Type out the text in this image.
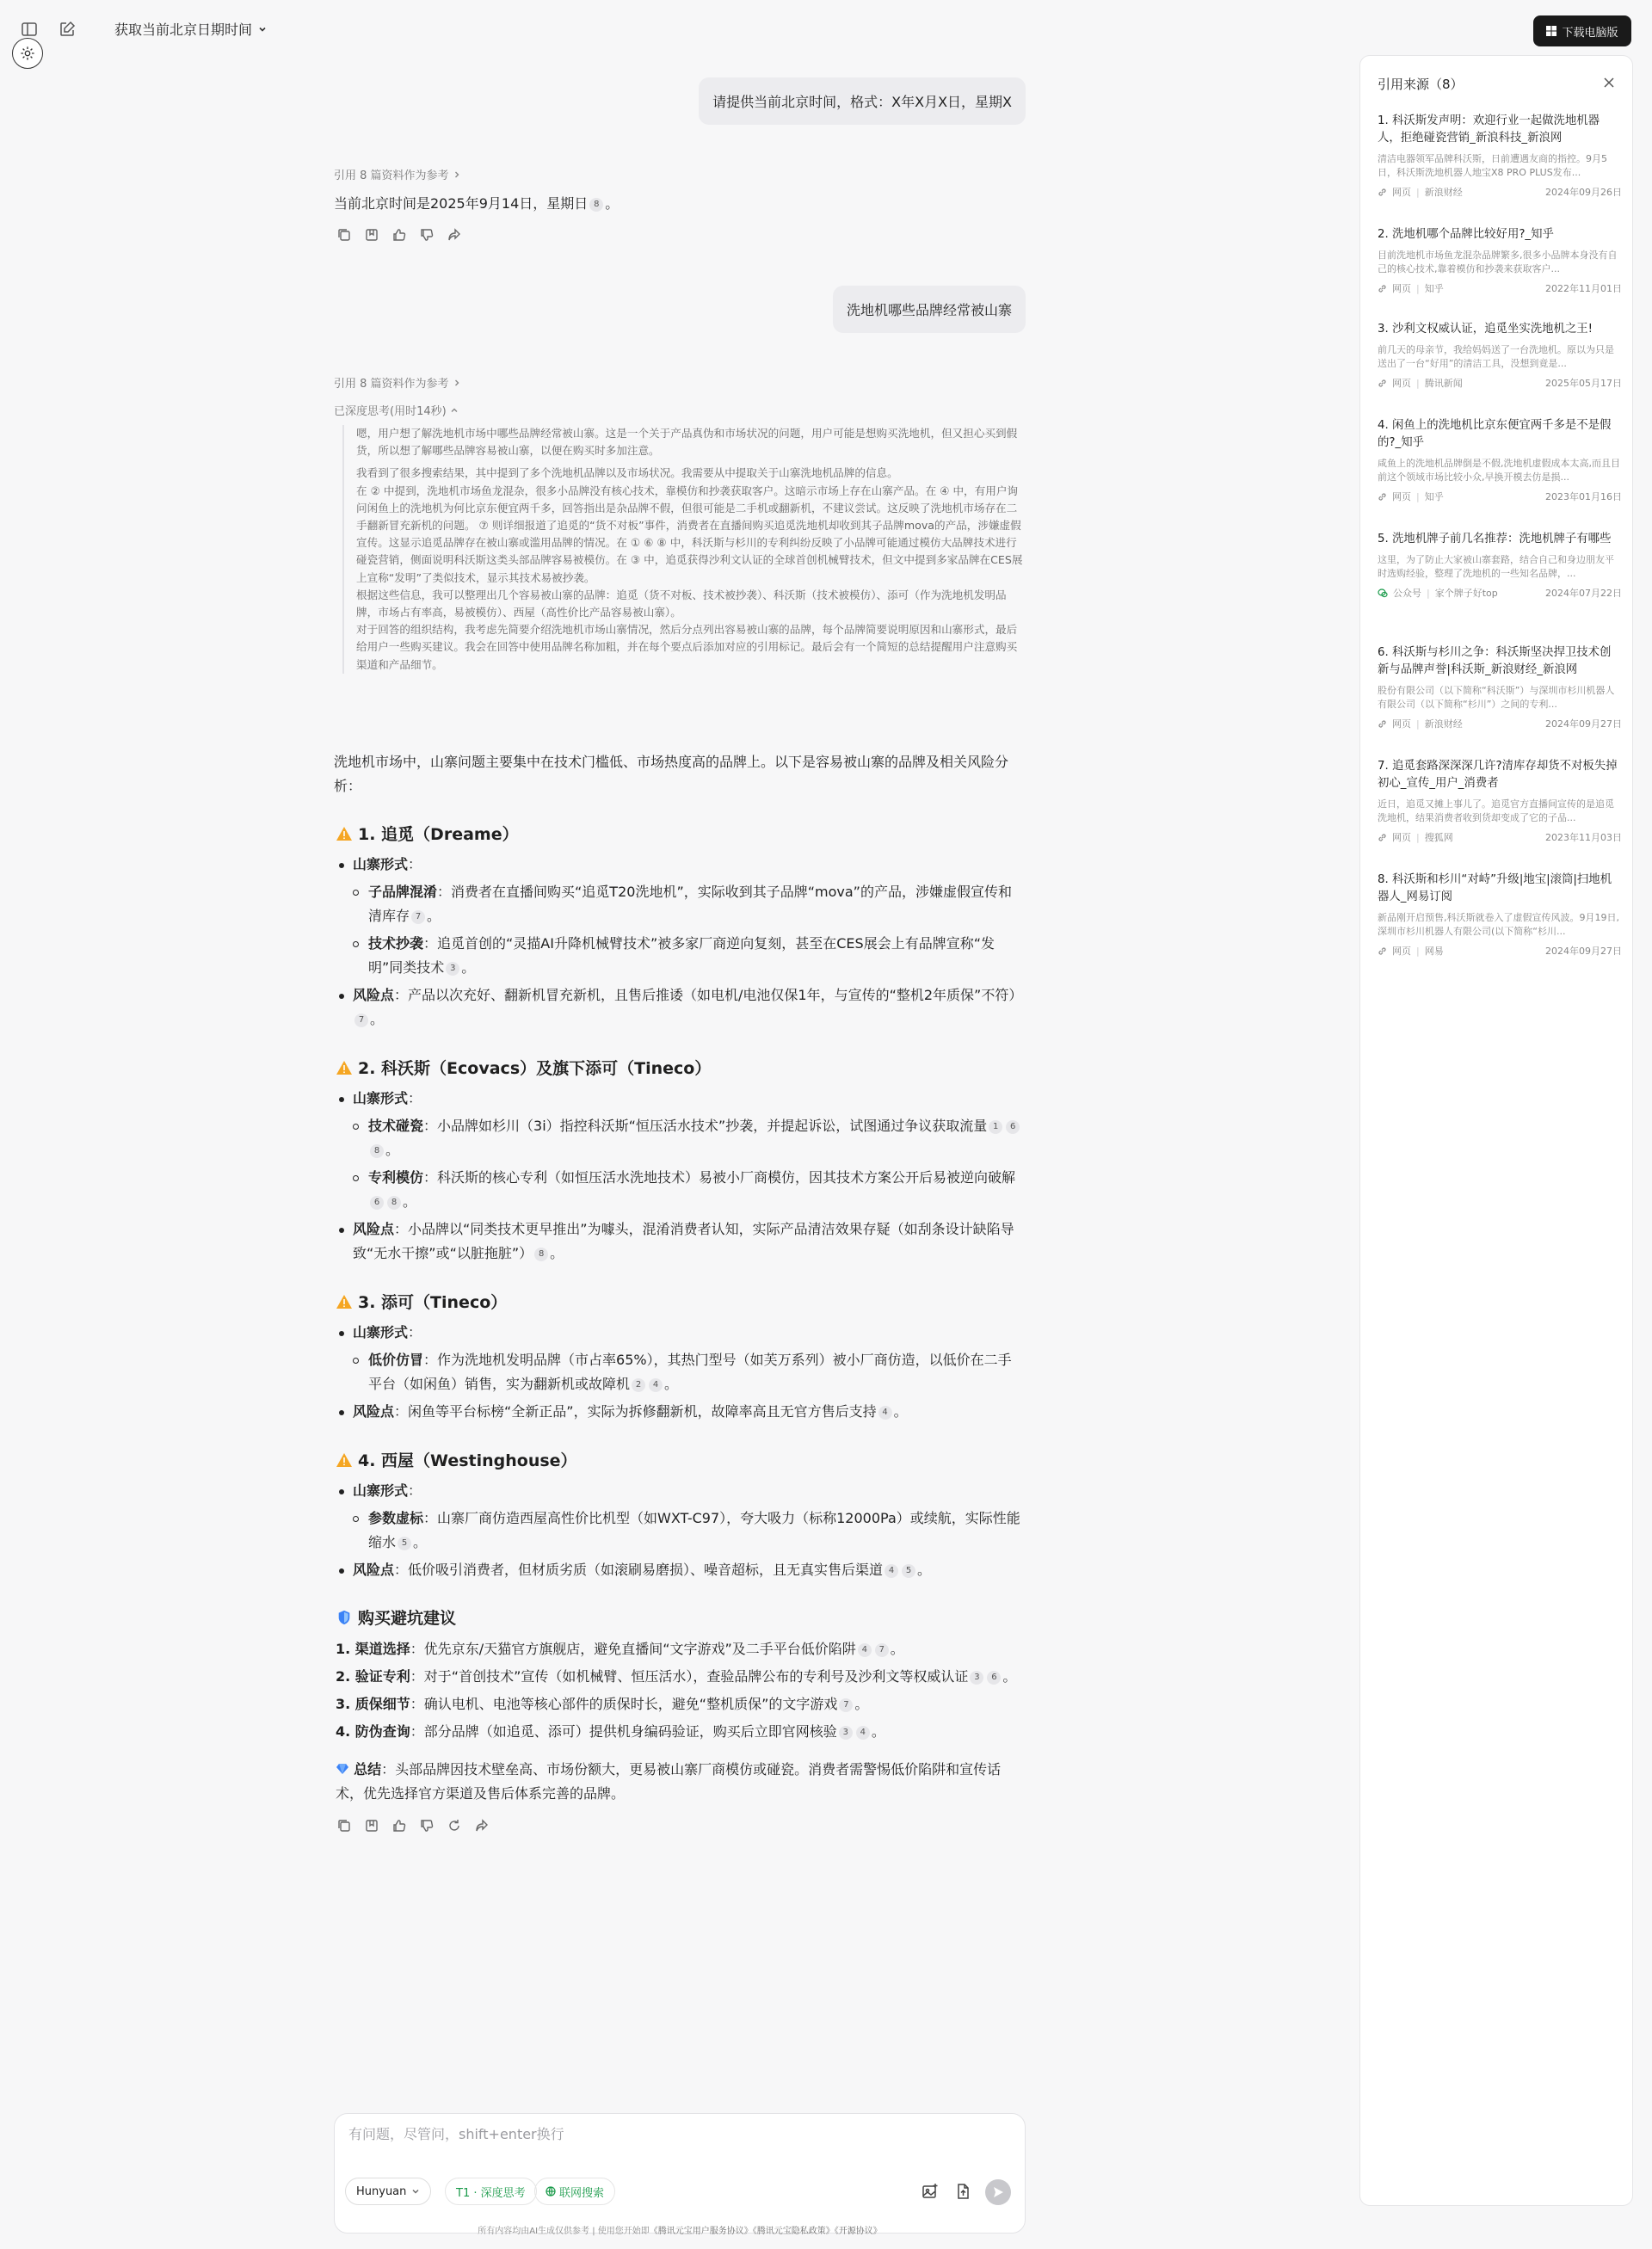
获取当前北京日期时间	下载电脑版
请提供当前北京时间，格式：X年X月X日，星期X
引用 8 篇资料作为参考
当前北京时间是2025年9月14日，星期日 8 。
洗地机哪些品牌经常被山寨
引用 8 篇资料作为参考
已深度思考(用时14秒)

嗯，用户想了解洗地机市场中哪些品牌经常被山寨。这是一个关于产品真伪和市场状况的问题，用户可能是想购买洗地机，但又担心买到假货，所以想了解哪些品牌容易被山寨，以便在购买时多加注意。

我看到了很多搜索结果，其中提到了多个洗地机品牌以及市场状况。我需要从中提取关于山寨洗地机品牌的信息。

在 ② 中提到，洗地机市场鱼龙混杂，很多小品牌没有核心技术，靠模仿和抄袭获取客户。这暗示市场上存在山寨产品。在 ④ 中，有用户询问闲鱼上的洗地机为何比京东便宜两千多，回答指出是杂品牌不假，但很可能是二手机或翻新机，不建议尝试。这反映了洗地机市场存在二手翻新冒充新机的问题。 ⑦ 则详细报道了追觅的“货不对板”事件，消费者在直播间购买追觅洗地机却收到其子品牌mova的产品，涉嫌虚假宣传。这显示追觅品牌存在被山寨或滥用品牌的情况。在 ① ⑥ ⑧ 中，科沃斯与杉川的专利纠纷反映了小品牌可能通过模仿大品牌技术进行碰瓷营销，侧面说明科沃斯这类头部品牌容易被模仿。在 ③ 中，追觅获得沙利文认证的全球首创机械臂技术，但文中提到多家品牌在CES展上宣称“发明”了类似技术，显示其技术易被抄袭。

根据这些信息，我可以整理出几个容易被山寨的品牌：追觅（货不对板、技术被抄袭）、科沃斯（技术被模仿）、添可（作为洗地机发明品牌，市场占有率高，易被模仿）、西屋（高性价比产品容易被山寨）。

对于回答的组织结构，我考虑先简要介绍洗地机市场山寨情况，然后分点列出容易被山寨的品牌，每个品牌简要说明原因和山寨形式，最后给用户一些购买建议。我会在回答中使用品牌名称加粗，并在每个要点后添加对应的引用标记。最后会有一个简短的总结提醒用户注意购买渠道和产品细节。

洗地机市场中，山寨问题主要集中在技术门槛低、市场热度高的品牌上。以下是容易被山寨的品牌及相关风险分析：
1. 追觅（Dreame）
山寨形式：
子品牌混淆：消费者在直播间购买“追觅T20洗地机”，实际收到其子品牌“mova”的产品，涉嫌虚假宣传和清库存 7 。
技术抄袭：追觅首创的“灵描AI升降机械臂技术”被多家厂商逆向复刻，甚至在CES展会上有品牌宣称“发明”同类技术 3 。
风险点：产品以次充好、翻新机冒充新机，且售后推诿（如电机/电池仅保1年，与宣传的“整机2年质保”不符）7 。
2. 科沃斯（Ecovacs）及旗下添可（Tineco）
山寨形式：
技术碰瓷：小品牌如杉川（3i）指控科沃斯“恒压活水技术”抄袭，并提起诉讼，试图通过争议获取流量 1 68 。
专利模仿：科沃斯的核心专利（如恒压活水洗地技术）易被小厂商模仿，因其技术方案公开后易被逆向破解6 8 。
风险点：小品牌以“同类技术更早推出”为噱头，混淆消费者认知，实际产品清洁效果存疑（如刮条设计缺陷导致“无水干擦”或“以脏拖脏”） 8 。
3. 添可（Tineco）
山寨形式：
低价仿冒：作为洗地机发明品牌（市占率65%），其热门型号（如芙万系列）被小厂商仿造，以低价在二手平台（如闲鱼）销售，实为翻新机或故障机 2 4 。
风险点：闲鱼等平台标榜“全新正品”，实际为拆修翻新机，故障率高且无官方售后支持 4 。
4. 西屋（Westinghouse）
山寨形式：
参数虚标：山寨厂商仿造西屋高性价比机型（如WXT-C97），夸大吸力（标称12000Pa）或续航，实际性能缩水 5 。
风险点：低价吸引消费者，但材质劣质（如滚刷易磨损）、噪音超标，且无真实售后渠道 4 5 。
购买避坑建议
1. 渠道选择：优先京东/天猫官方旗舰店，避免直播间“文字游戏”及二手平台低价陷阱 4 7 。
2. 验证专利：对于“首创技术”宣传（如机械臂、恒压活水），查验品牌公布的专利号及沙利文等权威认证 3 6 。
3. 质保细节：确认电机、电池等核心部件的质保时长，避免“整机质保”的文字游戏 7 。
4. 防伪查询：部分品牌（如追觅、添可）提供机身编码验证，购买后立即官网核验 3 4 。
总结：头部品牌因技术壁垒高、市场份额大，更易被山寨厂商模仿或碰瓷。消费者需警惕低价陷阱和宣传话术，优先选择官方渠道及售后体系完善的品牌。
有问题，尽管问，shift+enter换行
Hunyuan	T1 · 深度思考	联网搜索
所有内容均由AI生成仅供参考 | 使用您开始即《腾讯元宝用户服务协议》《腾讯元宝隐私政策》《开源协议》
引用来源（8）
1. 科沃斯发声明：欢迎行业一起做洗地机器人，拒绝碰瓷营销_新浪科技_新浪网
清洁电器领军品牌科沃斯，日前遭遇友商的指控。9月5日，科沃斯洗地机器人地宝X8 PRO PLUS发布...
网页 | 新浪财经	2024年09月26日
2. 洗地机哪个品牌比较好用?_知乎
目前洗地机市场鱼龙混杂品牌繁多,很多小品牌本身没有自己的核心技术,靠着模仿和抄袭来获取客户...
网页 | 知乎	2022年11月01日
3. 沙利文权威认证，追觅坐实洗地机之王!
前几天的母亲节，我给妈妈送了一台洗地机。原以为只是送出了一台“好用”的清洁工具，没想到竟是...
网页 | 腾讯新闻	2025年05月17日
4. 闲鱼上的洗地机比京东便宜两千多是不是假的?_知乎
咸鱼上的洗地机品牌倒是不假,洗地机虚假成本太高,而且目前这个领域市场比较小众,早换开模去仿是损...
网页 | 知乎	2023年01月16日
5. 洗地机牌子前几名推荐：洗地机牌子有哪些
这里，为了防止大家被山寨套路，结合自己和身边朋友平时选购经验，整理了洗地机的一些知名品牌，...
公众号 | 家个牌子好top	2024年07月22日
6. 科沃斯与杉川之争：科沃斯坚决捍卫技术创新与品牌声誉|科沃斯_新浪财经_新浪网
股份有限公司（以下简称“科沃斯”）与深圳市杉川机器人有限公司（以下简称“杉川”）之间的专利...
网页 | 新浪财经	2024年09月27日
7. 追觅套路深深深几许?清库存却货不对板失掉初心_宣传_用户_消费者
近日，追觅又摊上事儿了。追觅官方直播间宣传的是追觅洗地机，结果消费者收到货却变成了它的子品...
网页 | 搜狐网	2023年11月03日
8. 科沃斯和杉川“对峙”升级|地宝|滚筒|扫地机器人_网易订阅
新品刚开启预售,科沃斯就卷入了虚假宣传风波。9月19日,深圳市杉川机器人有限公司(以下简称“杉川...
网页 | 网易	2024年09月27日
